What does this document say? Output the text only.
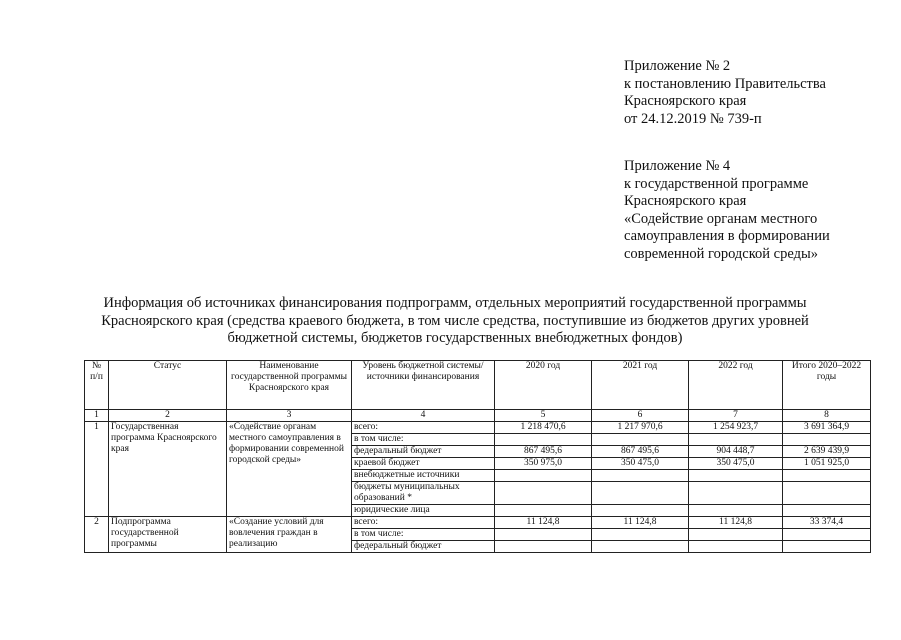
Приложение № 2
к постановлению Правительства
Красноярского края
от 24.12.2019 № 739-п
Приложение № 4
к государственной программе
Красноярского края
«Содействие органам местного
самоуправления в формировании
современной городской среды»
Информация об источниках финансирования подпрограмм, отдельных мероприятий государственной программы
Красноярского края (средства краевого бюджета, в том числе средства, поступившие из бюджетов других уровней
бюджетной системы, бюджетов государственных внебюджетных фондов)
№ п/п	Статус	Наименование государственной программы Красноярского края	Уровень бюджетной системы/источники финансирования	2020 год	2021 год	2022 год	Итого 2020–2022 годы
1	2	3	4	5	6	7	8
1	Государственная программа Красноярского края	«Содействие органам местного самоуправления в формировании современной городской среды»	всего:	1 218 470,6	1 217 970,6	1 254 923,7	3 691 364,9
			в том числе:				
			федеральный бюджет	867 495,6	867 495,6	904 448,7	2 639 439,9
			краевой бюджет	350 975,0	350 475,0	350 475,0	1 051 925,0
			внебюджетные источники				
			бюджеты муниципальных образований *				
			юридические лица				
2	Подпрограмма государственной программы	«Создание условий для вовлечения граждан в реализацию	всего:	11 124,8	11 124,8	11 124,8	33 374,4
			в том числе:				
			федеральный бюджет				
